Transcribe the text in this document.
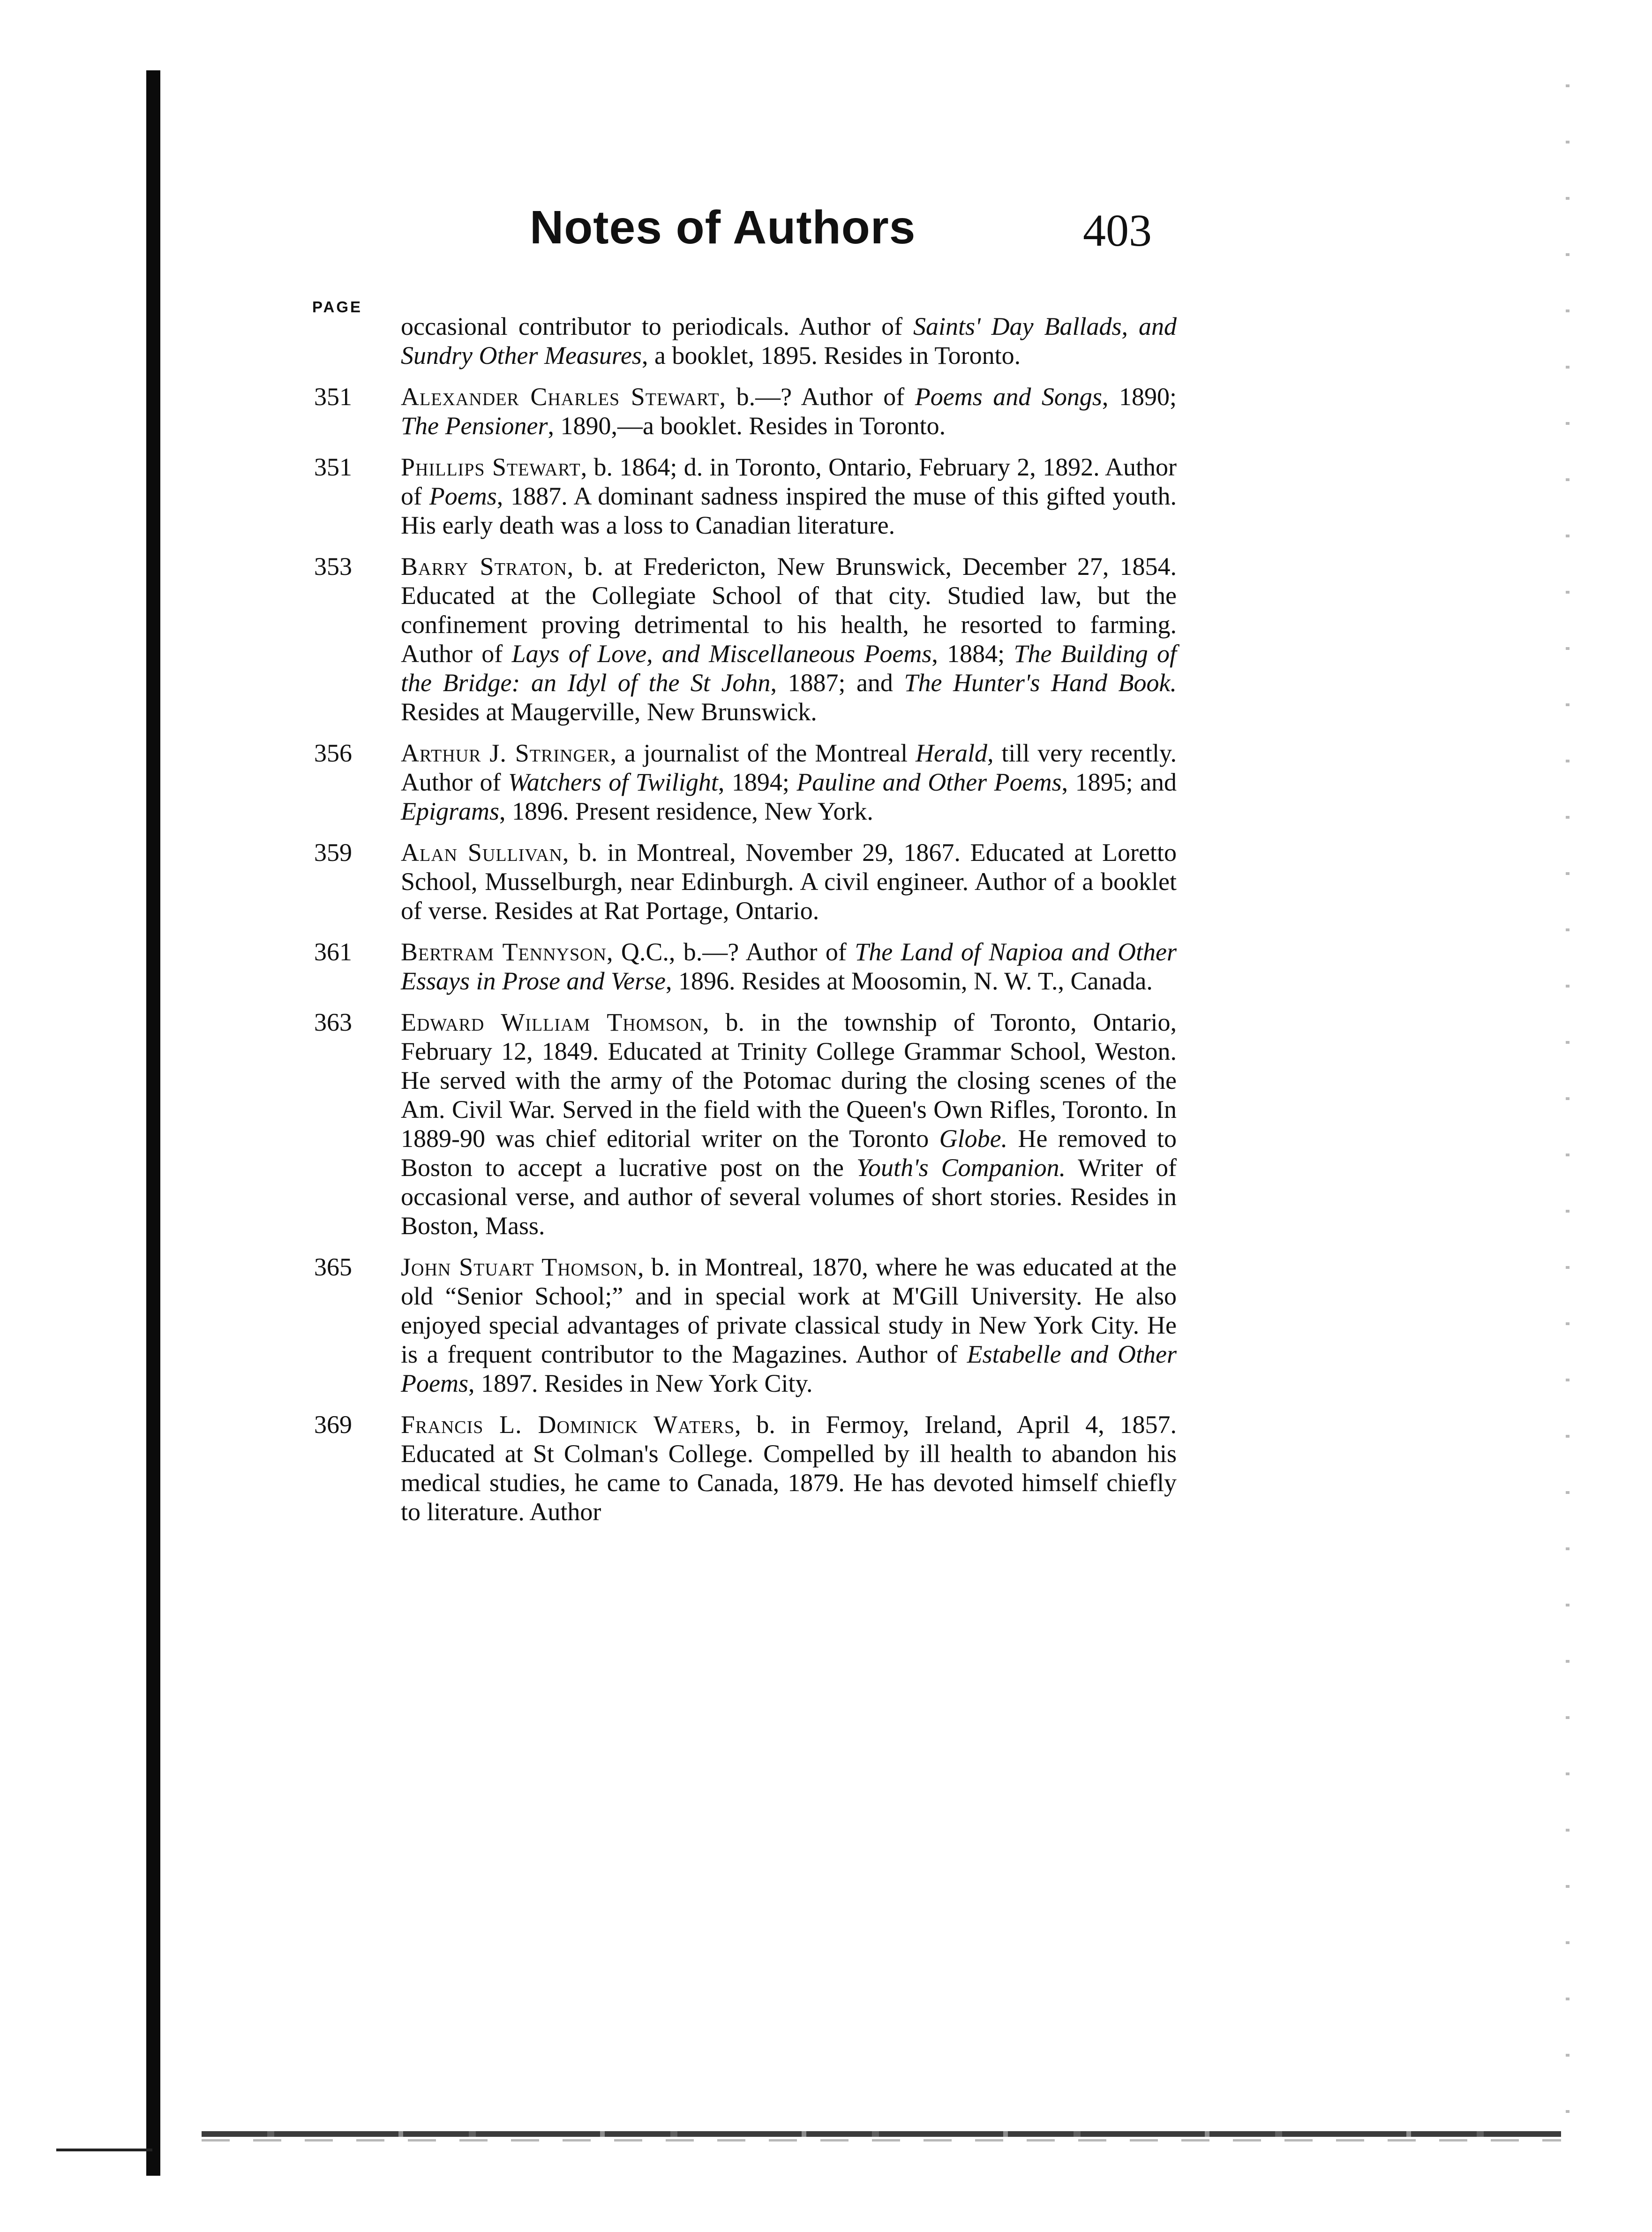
Notes of Authors	403
PAGE
occasional contributor to periodicals. Author of Saints' Day Ballads, and Sundry Other Measures, a booklet, 1895. Resides in Toronto.
351 Alexander Charles Stewart, b.—? Author of Poems and Songs, 1890; The Pensioner, 1890,—a booklet. Resides in Toronto.
351 Phillips Stewart, b. 1864; d. in Toronto, Ontario, February 2, 1892. Author of Poems, 1887. A dominant sadness inspired the muse of this gifted youth. His early death was a loss to Canadian literature.
353 Barry Straton, b. at Fredericton, New Brunswick, December 27, 1854. Educated at the Collegiate School of that city. Studied law, but the confinement proving detrimental to his health, he resorted to farming. Author of Lays of Love, and Miscellaneous Poems, 1884; The Building of the Bridge: an Idyl of the St John, 1887; and The Hunter's Hand Book. Resides at Maugerville, New Brunswick.
356 Arthur J. Stringer, a journalist of the Montreal Herald, till very recently. Author of Watchers of Twilight, 1894; Pauline and Other Poems, 1895; and Epigrams, 1896. Present residence, New York.
359 Alan Sullivan, b. in Montreal, November 29, 1867. Educated at Loretto School, Musselburgh, near Edinburgh. A civil engineer. Author of a booklet of verse. Resides at Rat Portage, Ontario.
361 Bertram Tennyson, Q.C., b.—? Author of The Land of Napioa and Other Essays in Prose and Verse, 1896. Resides at Moosomin, N. W. T., Canada.
363 Edward William Thomson, b. in the township of Toronto, Ontario, February 12, 1849. Educated at Trinity College Grammar School, Weston. He served with the army of the Potomac during the closing scenes of the Am. Civil War. Served in the field with the Queen's Own Rifles, Toronto. In 1889-90 was chief editorial writer on the Toronto Globe. He removed to Boston to accept a lucrative post on the Youth's Companion. Writer of occasional verse, and author of several volumes of short stories. Resides in Boston, Mass.
365 John Stuart Thomson, b. in Montreal, 1870, where he was educated at the old “Senior School;” and in special work at M'Gill University. He also enjoyed special advantages of private classical study in New York City. He is a frequent contributor to the Magazines. Author of Estabelle and Other Poems, 1897. Resides in New York City.
369 Francis L. Dominick Waters, b. in Fermoy, Ireland, April 4, 1857. Educated at St Colman's College. Compelled by ill health to abandon his medical studies, he came to Canada, 1879. He has devoted himself chiefly to literature. Author
